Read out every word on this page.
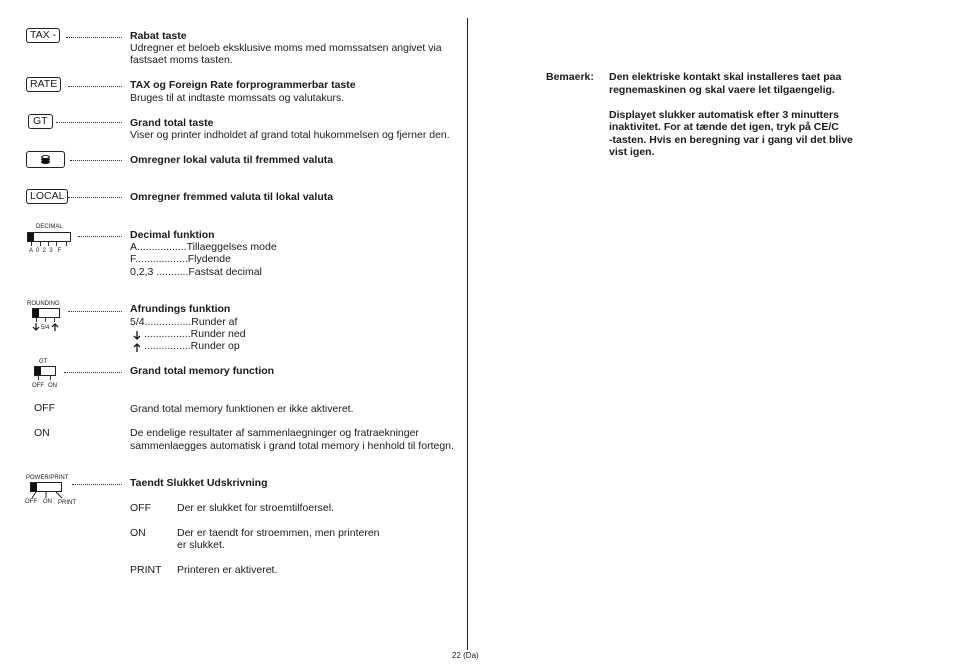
TAX -	Rabat taste
Udregner et beloeb eksklusive moms med momssatsen angivet via
fastsaet moms tasten.
RATE	TAX og Foreign Rate forprogrammerbar taste
Bruges til at indtaste momssats og valutakurs.
GT	Grand total taste
Viser og printer indholdet af grand total hukommelsen og fjerner den.
Omregner lokal valuta til fremmed valuta
LOCAL	Omregner fremmed valuta til lokal valuta
DECIMAL
A  0  2  3   F
Decimal funktion
A.................Tillaeggelses mode
F..................Flydende
0,2,3 ...........Fastsat decimal
ROUNDING
5/4
Afrundings funktion
5/4................Runder af
................Runder ned
................Runder op
GT
OFF ON
Grand total memory function
OFF	Grand total memory funktionen er ikke aktiveret.
ON	De endelige resultater af sammenlaegninger og fratraekninger
sammenlaegges automatisk i grand total memory i henhold til fortegn.
POWER/PRINT
OFF ON PRINT
Taendt Slukket Udskrivning
OFF Der er slukket for stroemtilfoersel.
ON	Der er taendt for stroemmen, men printeren
er slukket.
PRINT Printeren er aktiveret.
Bemaerk: Den elektriske kontakt skal installeres taet paa
regnemaskinen og skal vaere let tilgaengelig.
Displayet slukker automatisk efter 3 minutters
inaktivitet. For at tænde det igen, tryk på CE/C
-tasten. Hvis en beregning var i gang vil det blive
vist igen.
22 (Da)
